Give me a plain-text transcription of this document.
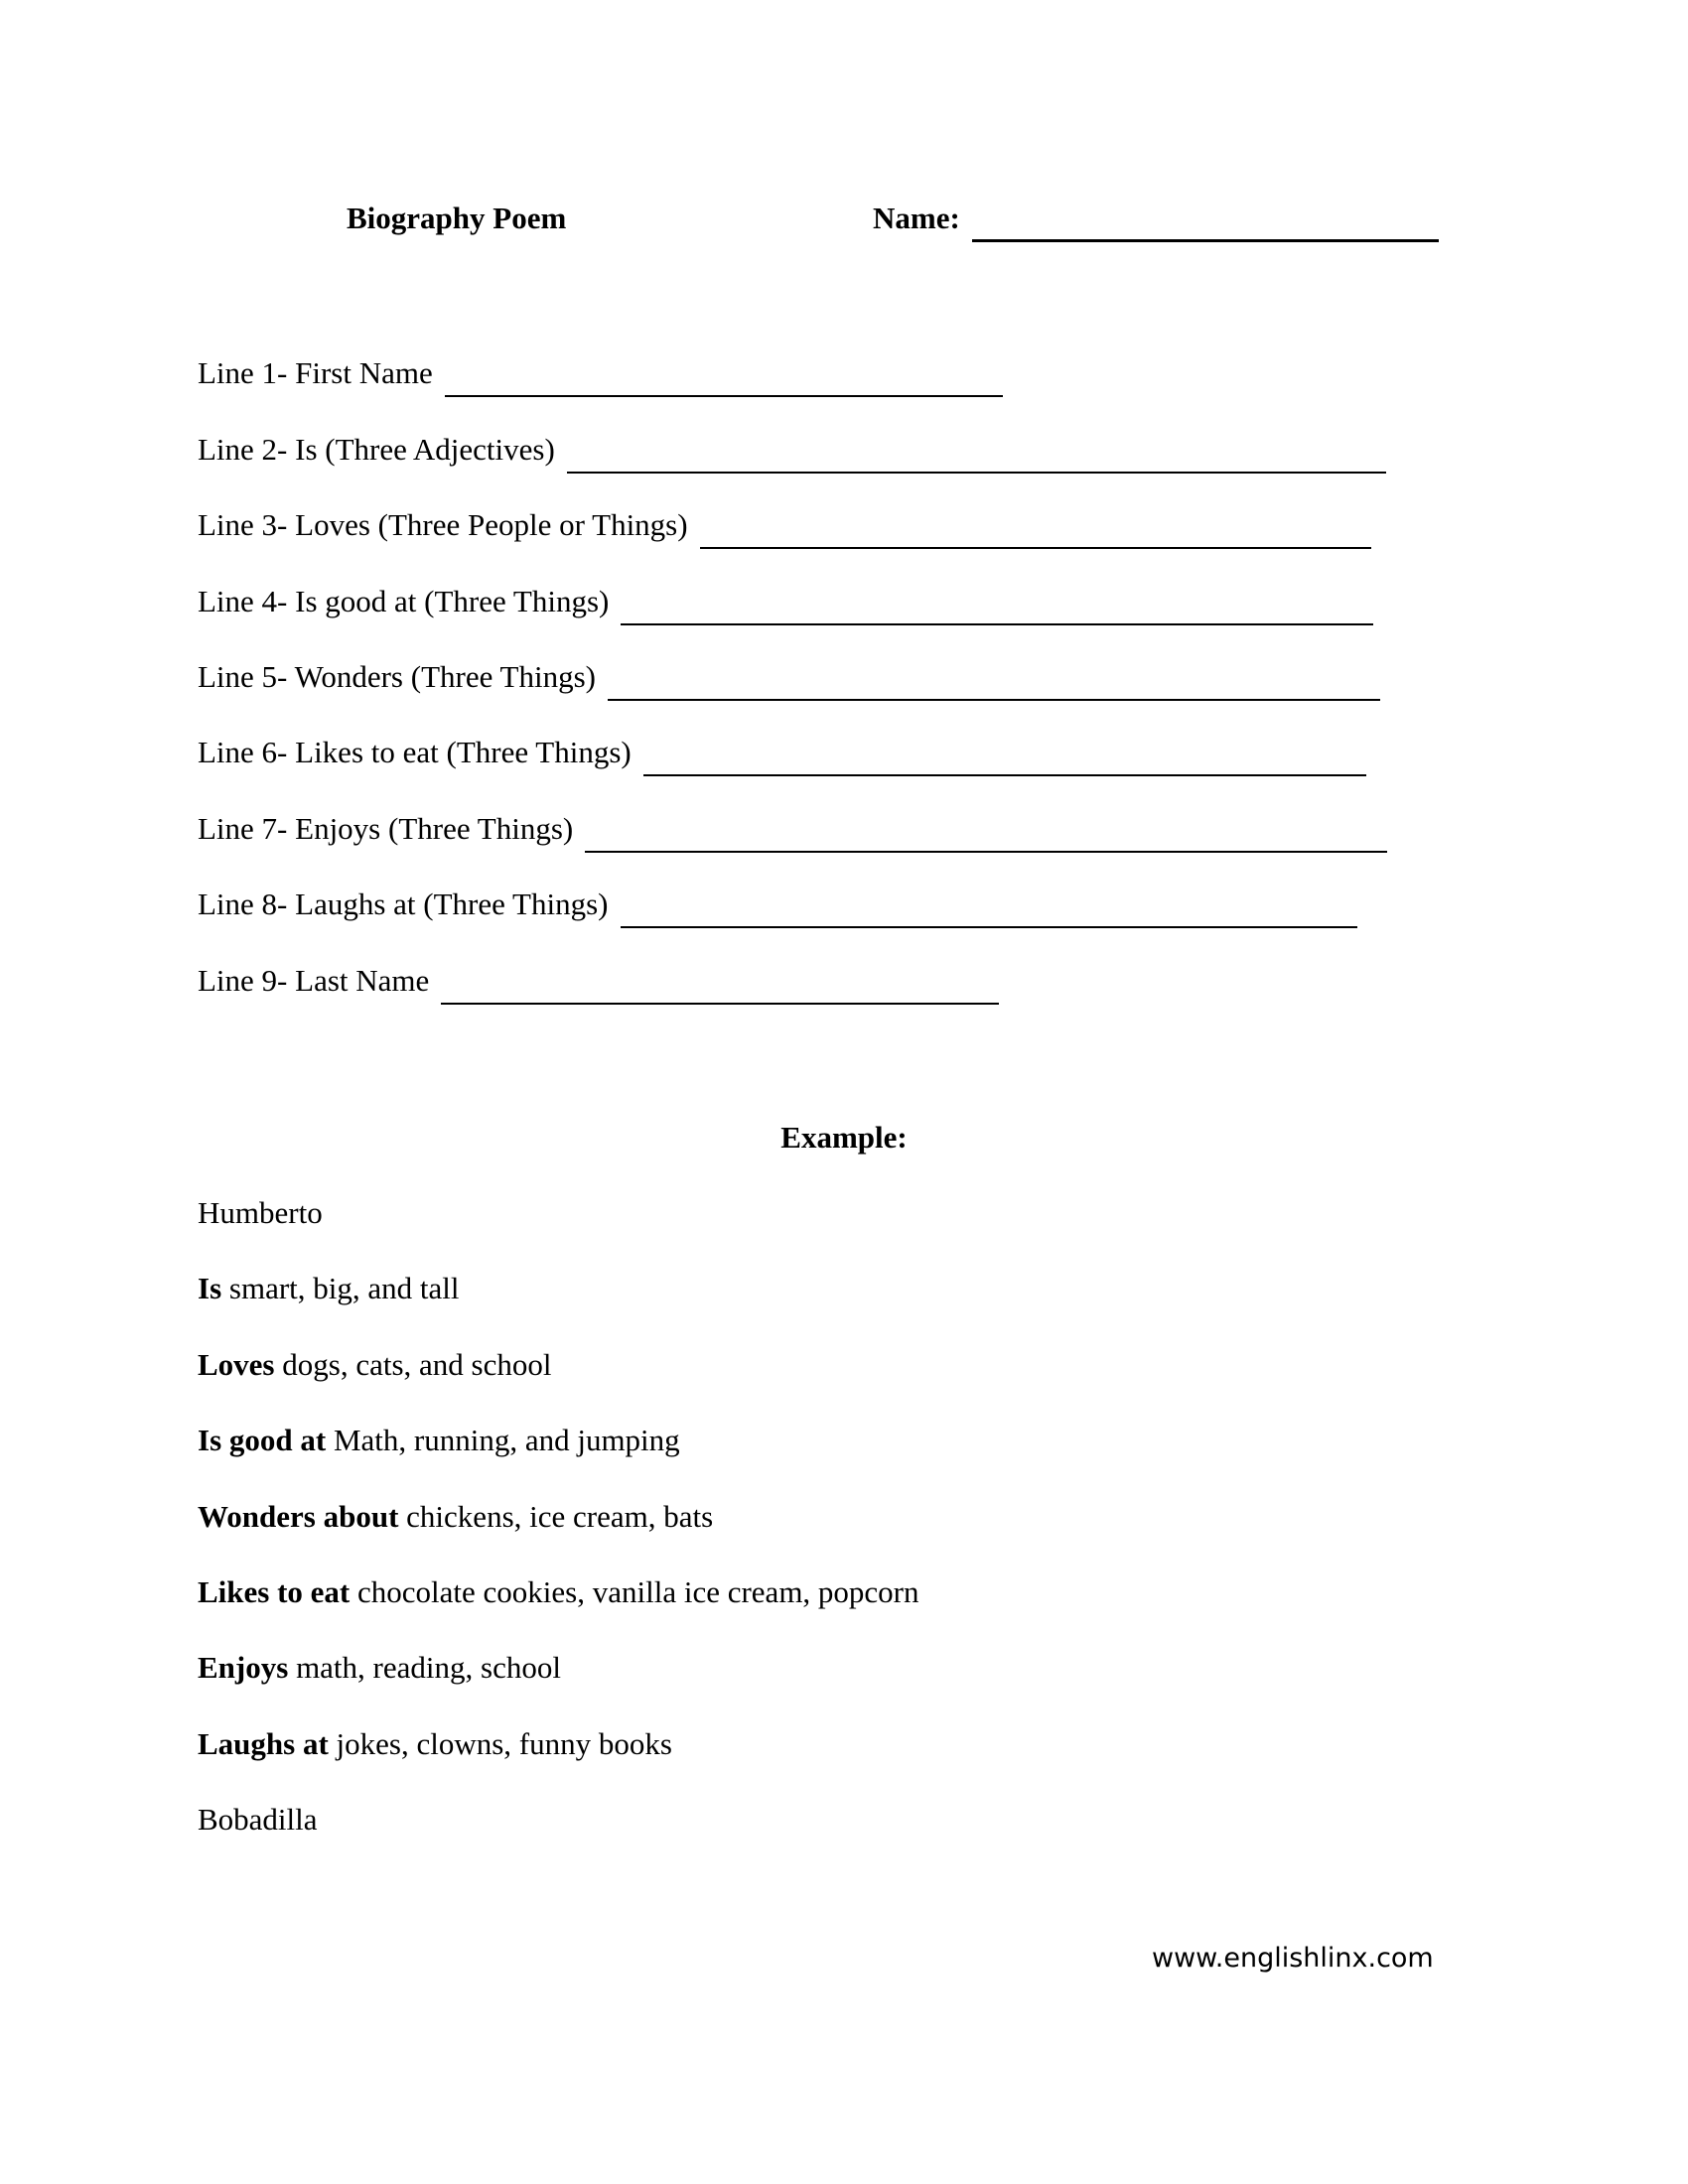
Biography Poem	Name:
Line 1- First Name
Line 2- Is (Three Adjectives)
Line 3- Loves (Three People or Things)
Line 4- Is good at (Three Things)
Line 5- Wonders (Three Things)
Line 6- Likes to eat (Three Things)
Line 7- Enjoys (Three Things)
Line 8- Laughs at (Three Things)
Line 9- Last Name
Example:
Humberto
Is smart, big, and tall
Loves dogs, cats, and school
Is good at Math, running, and jumping
Wonders about chickens, ice cream, bats
Likes to eat chocolate cookies, vanilla ice cream, popcorn
Enjoys math, reading, school
Laughs at jokes, clowns, funny books
Bobadilla
www.englishlinx.com
